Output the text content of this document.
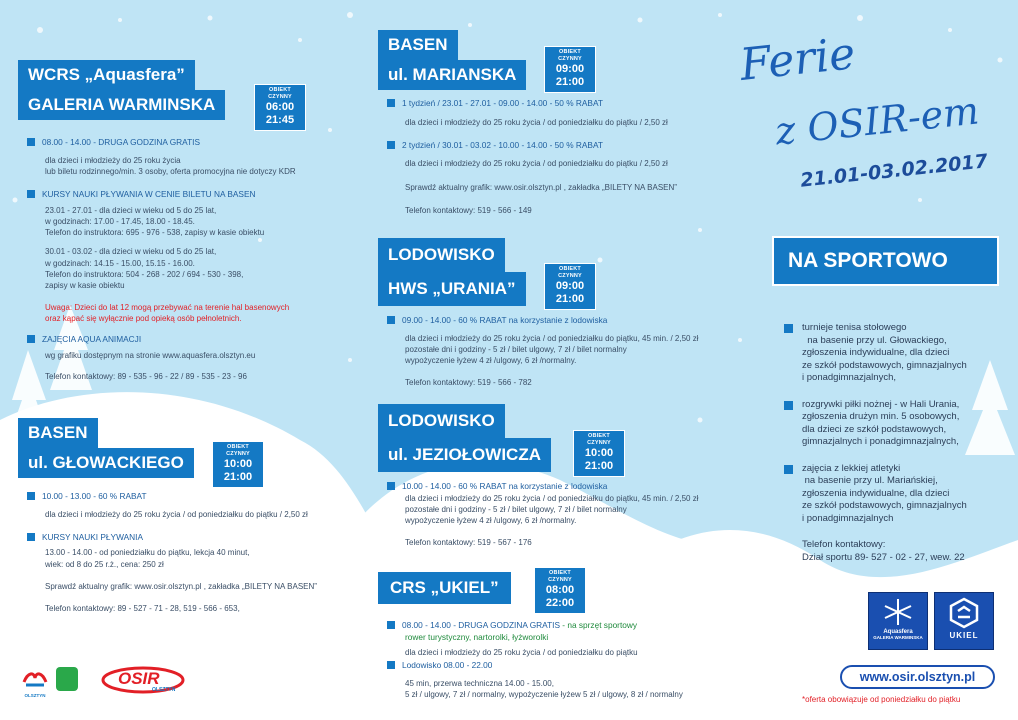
Ferie
z OSIR-em
21.01-03.02.2017
WCRS „Aquasfera”
GALERIA WARMINSKA
OBIEKT CZYNNY
06:00
21:45
08.00 - 14.00 - DRUGA GODZINA GRATIS
dla dzieci i młodzieży do 25 roku życia
lub biletu rodzinnego/min. 3 osoby, oferta promocyjna nie dotyczy KDR
KURSY NAUKI PŁYWANIA W CENIE BILETU NA BASEN
23.01 - 27.01 - dla dzieci w wieku od 5 do 25 lat,
w godzinach: 17.00 - 17.45, 18.00 - 18.45.
Telefon do instruktora: 695 - 976 - 538, zapisy w kasie obiektu
30.01 - 03.02 - dla dzieci w wieku od 5 do 25 lat,
w godzinach: 14.15 - 15.00, 15.15 - 16.00.
Telefon do instruktora: 504 - 268 - 202 / 694 - 530 - 398,
zapisy w kasie obiektu
Uwaga: Dzieci do lat 12 mogą przebywać na terenie hal basenowych
oraz kąpać się wyłącznie pod opieką osób pełnoletnich.
ZAJĘCIA AQUA ANIMACJI
wg grafiku dostępnym na stronie www.aquasfera.olsztyn.eu
Telefon kontaktowy: 89 - 535 - 96 - 22 / 89 - 535 - 23 - 96
BASEN
ul. GŁOWACKIEGO
OBIEKT CZYNNY
10:00
21:00
10.00 - 13.00 - 60 % RABAT
dla dzieci i młodzieży do 25 roku życia / od poniedziałku do piątku / 2,50 zł
KURSY NAUKI PŁYWANIA
13.00 - 14.00 - od poniedziałku do piątku, lekcja 40 minut,
wiek: od 8 do 25 r.ż., cena: 250 zł
Sprawdź aktualny grafik: www.osir.olsztyn.pl , zakładka „BILETY NA BASEN”
Telefon kontaktowy: 89 - 527 - 71 - 28, 519 - 566 - 653,
BASEN
ul. MARIANSKA
OBIEKT CZYNNY
09:00
21:00
1 tydzień / 23.01 - 27.01 - 09.00 - 14.00 - 50 % RABAT
dla dzieci i młodzieży do 25 roku życia / od poniedziałku do piątku / 2,50 zł
2 tydzień / 30.01 - 03.02 - 10.00 - 14.00 - 50 % RABAT
dla dzieci i młodzieży do 25 roku życia / od poniedziałku do piątku / 2,50 zł
Sprawdź aktualny grafik: www.osir.olsztyn.pl , zakładka „BILETY NA BASEN”
Telefon kontaktowy: 519 - 566 - 149
LODOWISKO
HWS „URANIA”
OBIEKT CZYNNY
09:00
21:00
09.00 - 14.00 - 60 % RABAT na korzystanie z lodowiska
dla dzieci i młodzieży do 25 roku życia / od poniedziałku do piątku, 45 min. / 2,50 zł
pozostałe dni i godziny - 5 zł / bilet ulgowy, 7 zł / bilet normalny
wypożyczenie łyżew 4 zł /ulgowy, 6 zł /normalny.
Telefon kontaktowy: 519 - 566 - 782
LODOWISKO
ul. JEZIOŁOWICZA
OBIEKT CZYNNY
10:00
21:00
10.00 - 14.00 - 60 % RABAT na korzystanie z lodowiska
dla dzieci i młodzieży do 25 roku życia / od poniedziałku do piątku, 45 min. / 2,50 zł
pozostałe dni i godziny - 5 zł / bilet ulgowy, 7 zł / bilet normalny
wypożyczenie łyżew 4 zł /ulgowy, 6 zł /normalny.
Telefon kontaktowy: 519 - 567 - 176
CRS „UKIEL”
OBIEKT CZYNNY
08:00
22:00
08.00 - 14.00 - DRUGA GODZINA GRATIS - na sprzęt sportowy
rower turystyczny, nartorolki, łyżworolki
dla dzieci i młodzieży do 25 roku życia / od poniedziałku do piątku
Lodowisko 08.00 - 22.00
45 min, przerwa techniczna 14.00 - 15.00,
5 zł / ulgowy, 7 zł / normalny, wypożyczenie łyżew 5 zł / ulgowy, 8 zł / normalny
NA SPORTOWO
turnieje tenisa stołowego
na basenie przy ul. Głowackiego,
zgłoszenia indywidualne, dla dzieci
ze szkół podstawowych, gimnazjalnych
i ponadgimnazjalnych,
rozgrywki piłki nożnej - w Hali Urania,
zgłoszenia drużyn min. 5 osobowych,
dla dzieci ze szkół podstawowych,
gimnazjalnych i ponadgimnazjalnych,
zajęcia z lekkiej atletyki
na basenie przy ul. Mariańskiej,
zgłoszenia indywidualne, dla dzieci
ze szkół podstawowych, gimnazjalnych
i ponadgimnazjalnych
Telefon kontaktowy:
Dział sportu 89- 527 - 02 - 27, wew. 22
Aquasfera
GALERIA WARMINSKA	UKIEL
www.osir.olsztyn.pl
*oferta obowiązuje od poniedziałku do piątku
OLSZTYN
OSIR
OLSZTYN
